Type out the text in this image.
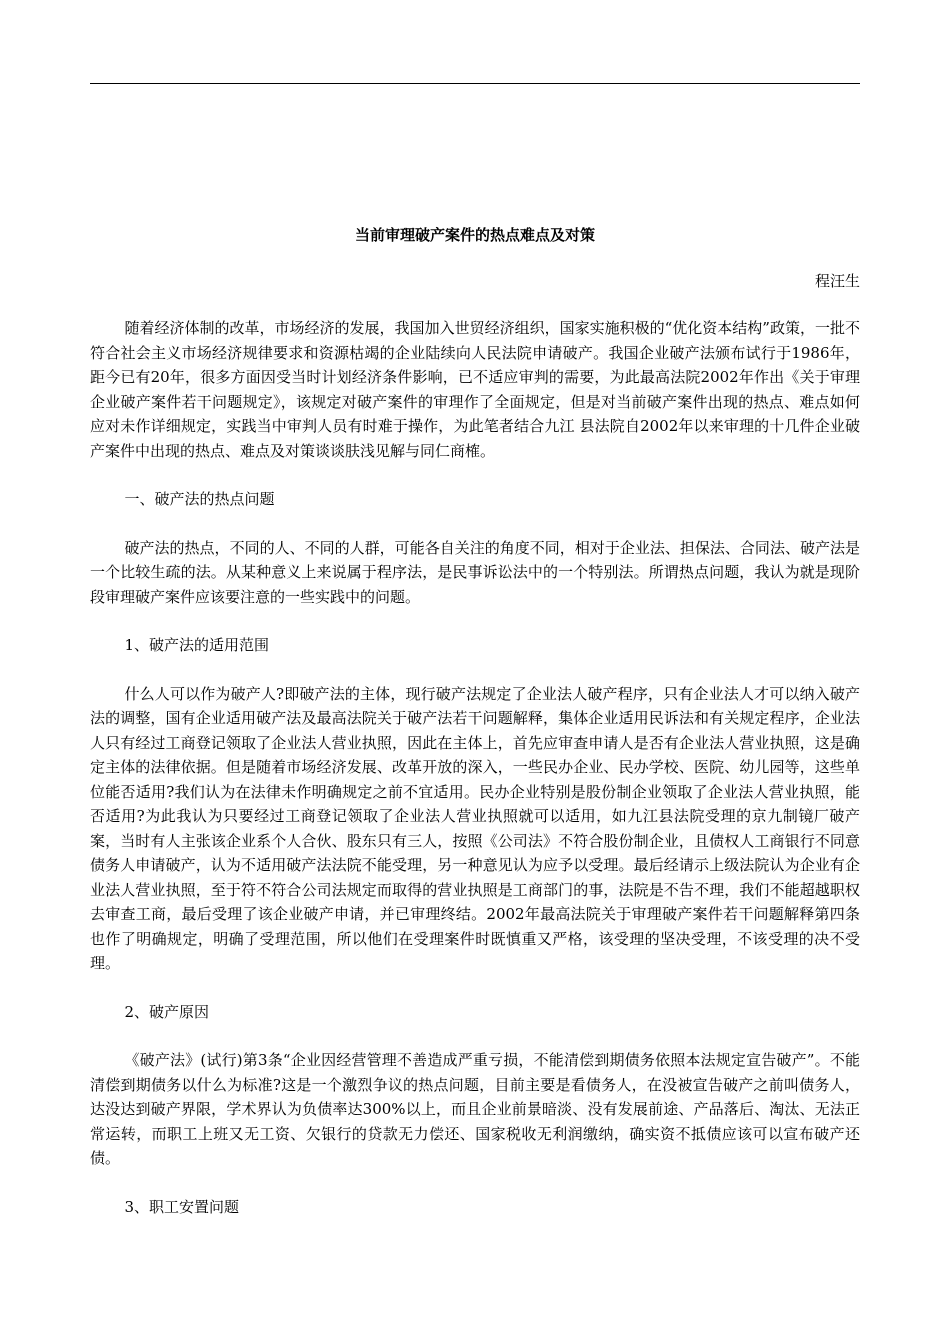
当前审理破产案件的热点难点及对策

程汪生

随着经济体制的改革，市场经济的发展，我国加入世贸经济组织，国家实施积极的“优化资本结构”政策，一批不符合社会主义市场经济规律要求和资源枯竭的企业陆续向人民法院申请破产。我国企业破产法颁布试行于1986年，距今已有20年，很多方面因受当时计划经济条件影响，已不适应审判的需要，为此最高法院2002年作出《关于审理企业破产案件若干问题规定》，该规定对破产案件的审理作了全面规定，但是对当前破产案件出现的热点、难点如何应对未作详细规定，实践当中审判人员有时难于操作，为此笔者结合九江 县法院自2002年以来审理的十几件企业破产案件中出现的热点、难点及对策谈谈肤浅见解与同仁商榷。

一、破产法的热点问题

破产法的热点，不同的人、不同的人群，可能各自关注的角度不同，相对于企业法、担保法、合同法、破产法是一个比较生疏的法。从某种意义上来说属于程序法，是民事诉讼法中的一个特别法。所谓热点问题，我认为就是现阶段审理破产案件应该要注意的一些实践中的问题。

1、破产法的适用范围

什么人可以作为破产人?即破产法的主体，现行破产法规定了企业法人破产程序，只有企业法人才可以纳入破产法的调整，国有企业适用破产法及最高法院关于破产法若干问题解释，集体企业适用民诉法和有关规定程序，企业法人只有经过工商登记领取了企业法人营业执照，因此在主体上，首先应审查申请人是否有企业法人营业执照，这是确定主体的法律依据。但是随着市场经济发展、改革开放的深入，一些民办企业、民办学校、医院、幼儿园等，这些单位能否适用?我们认为在法律未作明确规定之前不宜适用。民办企业特别是股份制企业领取了企业法人营业执照，能否适用?为此我认为只要经过工商登记领取了企业法人营业执照就可以适用，如九江县法院受理的京九制镜厂破产案，当时有人主张该企业系个人合伙、股东只有三人，按照《公司法》不符合股份制企业，且债权人工商银行不同意债务人申请破产，认为不适用破产法法院不能受理，另一种意见认为应予以受理。最后经请示上级法院认为企业有企业法人营业执照，至于符不符合公司法规定而取得的营业执照是工商部门的事，法院是不告不理，我们不能超越职权去审查工商，最后受理了该企业破产申请，并已审理终结。2002年最高法院关于审理破产案件若干问题解释第四条也作了明确规定，明确了受理范围，所以他们在受理案件时既慎重又严格，该受理的坚决受理，不该受理的决不受理。

2、破产原因

《破产法》(试行)第3条“企业因经营管理不善造成严重亏损，不能清偿到期债务依照本法规定宣告破产”。不能清偿到期债务以什么为标准?这是一个激烈争议的热点问题，目前主要是看债务人，在没被宣告破产之前叫债务人，达没达到破产界限，学术界认为负债率达300%以上，而且企业前景暗淡、没有发展前途、产品落后、淘汰、无法正常运转，而职工上班又无工资、欠银行的贷款无力偿还、国家税收无利润缴纳，确实资不抵债应该可以宣布破产还债。

3、职工安置问题
